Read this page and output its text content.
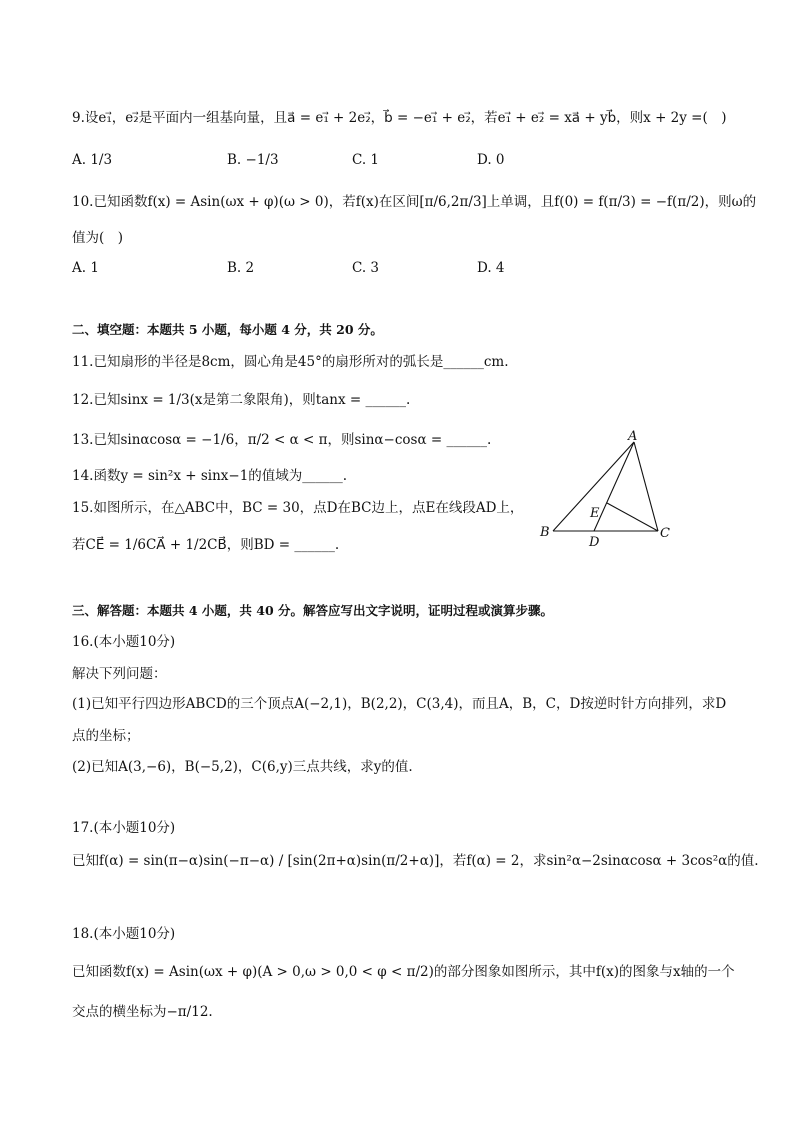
9.设e₁⃗，e₂⃗是平面内一组基向量，且a⃗ = e₁⃗ + 2e₂⃗，b⃗ = −e₁⃗ + e₂⃗，若e₁⃗ + e₂⃗ = xa⃗ + yb⃗，则x + 2y =(　)
A. 1/3	B. −1/3	C. 1	D. 0
10.已知函数f(x) = Asin(ωx + φ)(ω > 0)，若f(x)在区间[π/6,2π/3]上单调，且f(0) = f(π/3) = −f(π/2)，则ω的
值为(　)
A. 1	B. 2	C. 3	D. 4
二、填空题：本题共 5 小题，每小题 4 分，共 20 分。
11.已知扇形的半径是8cm，圆心角是45°的扇形所对的弧长是______cm.
12.已知sinx = 1/3(x是第二象限角)，则tanx = ______.
13.已知sinαcosα = −1/6，π/2 < α < π，则sinα−cosα = ______.
14.函数y = sin²x + sinx−1的值域为______.
15.如图所示，在△ABC中，BC = 30，点D在BC边上，点E在线段AD上，
若CE⃗ = 1/6CA⃗ + 1/2CB⃗，则BD = ______.
A
B	C
D
E
三、解答题：本题共 4 小题，共 40 分。解答应写出文字说明，证明过程或演算步骤。
16.(本小题10分)
解决下列问题：
(1)已知平行四边形ABCD的三个顶点A(−2,1)，B(2,2)，C(3,4)，而且A，B，C，D按逆时针方向排列，求D
点的坐标；
(2)已知A(3,−6)，B(−5,2)，C(6,y)三点共线，求y的值.
17.(本小题10分)
已知f(α) = sin(π−α)sin(−π−α) / [sin(2π+α)sin(π/2+α)]，若f(α) = 2，求sin²α−2sinαcosα + 3cos²α的值.
18.(本小题10分)
已知函数f(x) = Asin(ωx + φ)(A > 0,ω > 0,0 < φ < π/2)的部分图象如图所示，其中f(x)的图象与x轴的一个
交点的横坐标为−π/12.
